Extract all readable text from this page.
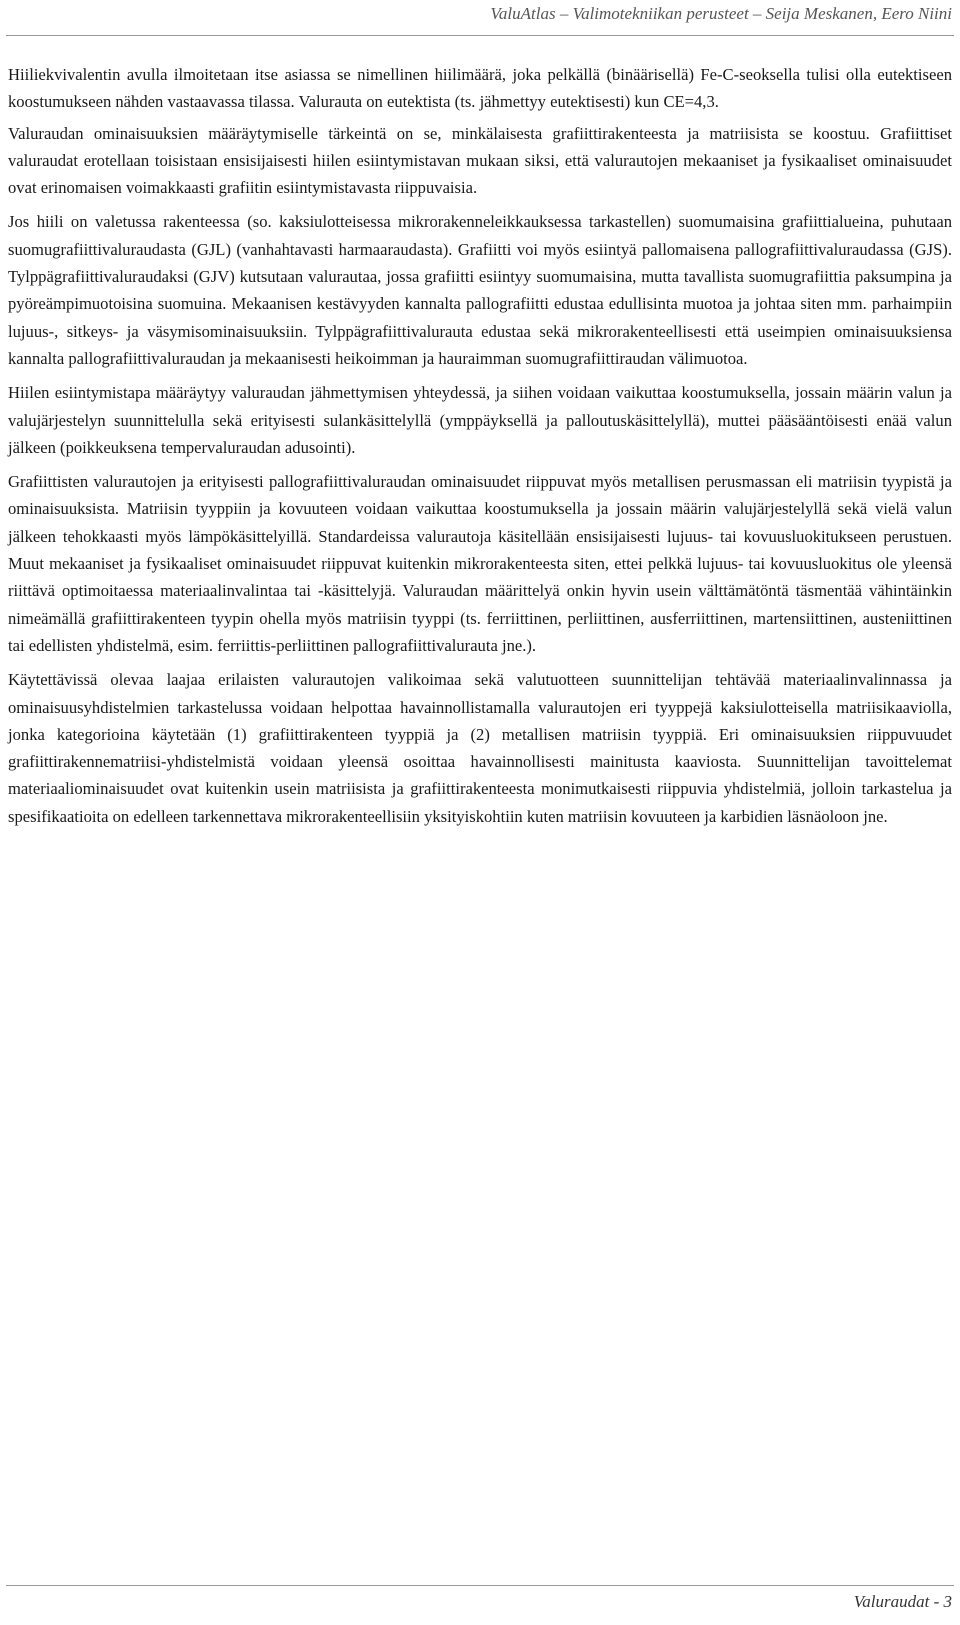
ValuAtlas – Valimotekniikan perusteet – Seija Meskanen, Eero Niini

Hiiliekvivalentin avulla ilmoitetaan itse asiassa se nimellinen hiilimäärä, joka pelkällä (binäärisellä) Fe-C-seoksella tulisi olla eutektiseen koostumukseen nähden vastaavassa tilassa. Valurauta on eutektista (ts. jähmettyy eutektisesti) kun CE=4,3.

Valuraudan ominaisuuksien määräytymiselle tärkeintä on se, minkälaisesta grafiittirakenteesta ja matriisista se koostuu. Grafiittiset valuraudat erotellaan toisistaan ensisijaisesti hiilen esiintymistavan mukaan siksi, että valurautojen mekaaniset ja fysikaaliset ominaisuudet ovat erinomaisen voimakkaasti grafiitin esiintymistavasta riippuvaisia.

Jos hiili on valetussa rakenteessa (so. kaksiulotteisessa mikrorakenneleikkauksessa tarkastellen) suomumaisina grafiittialueina, puhutaan suomugrafiittivaluraudasta (GJL) (vanhahtavasti harmaaraudasta). Grafiitti voi myös esiintyä pallomaisena pallografiittivaluraudassa (GJS). Tylppägrafiittivaluraudaksi (GJV) kutsutaan valurautaa, jossa grafiitti esiintyy suomumaisina, mutta tavallista suomugrafiittia paksumpina ja pyöreämpimuotoisina suomuina. Mekaanisen kestävyyden kannalta pallografiitti edustaa edullisinta muotoa ja johtaa siten mm. parhaimpiin lujuus-, sitkeys- ja väsymisominaisuuksiin. Tylppägrafiittivalurauta edustaa sekä mikrorakenteellisesti että useimpien ominaisuuksiensa kannalta pallografiittivaluraudan ja mekaanisesti heikoimman ja hauraimman suomugrafiittiraudan välimuotoa.

Hiilen esiintymistapa määräytyy valuraudan jähmettymisen yhteydessä, ja siihen voidaan vaikuttaa koostumuksella, jossain määrin valun ja valujärjestelyn suunnittelulla sekä erityisesti sulankäsittelyllä (ymppäyksellä ja palloutuskäsittelyllä), muttei pääsääntöisesti enää valun jälkeen (poikkeuksena tempervaluraudan adusointi).

Grafiittisten valurautojen ja erityisesti pallografiittivaluraudan ominaisuudet riippuvat myös metallisen perusmassan eli matriisin tyypistä ja ominaisuuksista. Matriisin tyyppiin ja kovuuteen voidaan vaikuttaa koostumuksella ja jossain määrin valujärjestelyllä sekä vielä valun jälkeen tehokkaasti myös lämpökäsittelyillä. Standardeissa valurautoja käsitellään ensisijaisesti lujuus- tai kovuusluokitukseen perustuen. Muut mekaaniset ja fysikaaliset ominaisuudet riippuvat kuitenkin mikrorakenteesta siten, ettei pelkkä lujuus- tai kovuusluokitus ole yleensä riittävä optimoitaessa materiaalinvalintaa tai -käsittelyjä. Valuraudan määrittelyä onkin hyvin usein välttämätöntä täsmentää vähintäinkin nimeämällä grafiittirakenteen tyypin ohella myös matriisin tyyppi (ts. ferriittinen, perliittinen, ausferriittinen, martensiittinen, austeniittinen tai edellisten yhdistelmä, esim. ferriittis-perliittinen pallografiittivalurauta jne.).

Käytettävissä olevaa laajaa erilaisten valurautojen valikoimaa sekä valutuotteen suunnittelijan tehtävää materiaalinvalinnassa ja ominaisuusyhdistelmien tarkastelussa voidaan helpottaa havainnollistamalla valurautojen eri tyyppejä kaksiulotteisella matriisikaaviolla, jonka kategorioina käytetään (1) grafiittirakenteen tyyppiä ja (2) metallisen matriisin tyyppiä. Eri ominaisuuksien riippuvuudet grafiittirakennematriisi-yhdistelmistä voidaan yleensä osoittaa havainnollisesti mainitusta kaaviosta. Suunnittelijan tavoittelemat materiaaliominaisuudet ovat kuitenkin usein matriisista ja grafiittirakenteesta monimutkaisesti riippuvia yhdistelmiä, jolloin tarkastelua ja spesifikaatioita on edelleen tarkennettava mikrorakenteellisiin yksityiskohtiin kuten matriisin kovuuteen ja karbidien läsnäoloon jne.

Valuraudat - 3
